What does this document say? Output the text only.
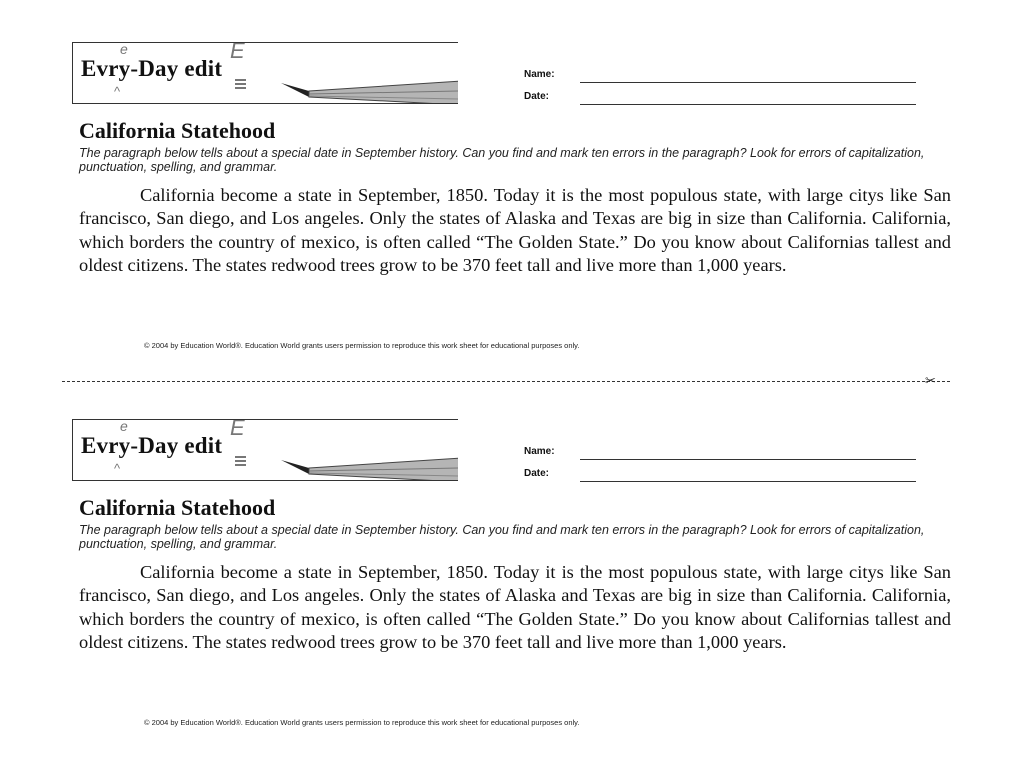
Evry-Day edit
e
^
E
Name:
Date:
California Statehood

The paragraph below tells about a special date in September history. Can you find and mark ten errors in the paragraph? Look for errors of capitalization, punctuation, spelling, and grammar.

California become a state in September, 1850. Today it is the most populous state, with large citys like San francisco, San diego, and Los angeles. Only the states of Alaska and Texas are big in size than California. California, which borders the country of mexico, is often called “The Golden State.” Do you know about Californias tallest and oldest citizens. The states redwood trees grow to be 370 feet tall and live more than 1,000 years.

© 2004 by Education World®. Education World grants users permission to reproduce this work sheet for educational purposes only.

✂
Evry-Day edit
e
^
E
Name:
Date:
California Statehood

The paragraph below tells about a special date in September history. Can you find and mark ten errors in the paragraph? Look for errors of capitalization, punctuation, spelling, and grammar.

California become a state in September, 1850. Today it is the most populous state, with large citys like San francisco, San diego, and Los angeles. Only the states of Alaska and Texas are big in size than California. California, which borders the country of mexico, is often called “The Golden State.” Do you know about Californias tallest and oldest citizens. The states redwood trees grow to be 370 feet tall and live more than 1,000 years.

© 2004 by Education World®. Education World grants users permission to reproduce this work sheet for educational purposes only.
